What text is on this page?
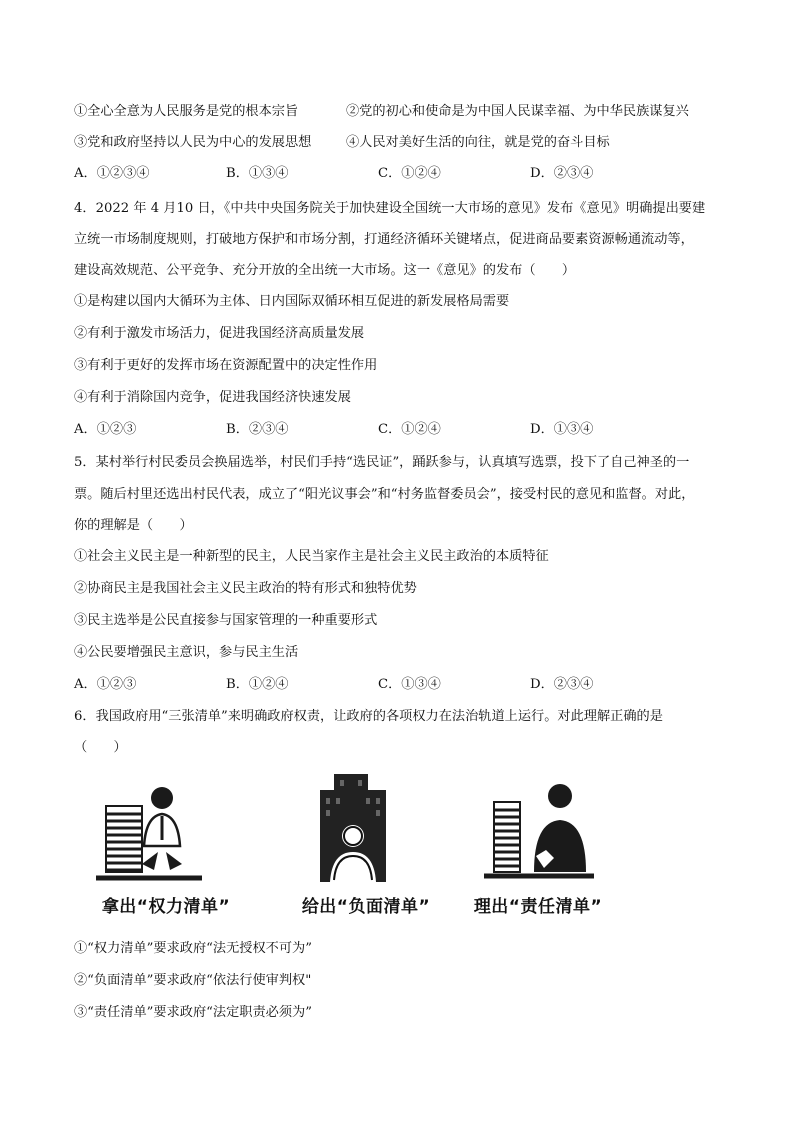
①全心全意为人民服务是党的根本宗旨	②党的初心和使命是为中国人民谋幸福、为中华民族谋复兴
③党和政府坚持以人民为中心的发展思想	④人民对美好生活的向往，就是党的奋斗目标
A．①②③④	B．①③④	C．①②④	D．②③④
4．2022 年 4 月10 日，《中共中央国务院关于加快建设全国统一大市场的意见》发布《意见》明确提出要建
立统一市场制度规则，打破地方保护和市场分割，打通经济循环关键堵点，促进商品要素资源畅通流动等，
建设高效规范、公平竞争、充分开放的全出统一大市场。这一《意见》的发布（　　）
①是构建以国内大循环为主体、日内国际双循环相互促进的新发展格局需要
②有利于激发市场活力，促进我国经济高质量发展
③有利于更好的发挥市场在资源配置中的决定性作用
④有利于消除国内竞争，促进我国经济快速发展
A．①②③	B．②③④	C．①②④	D．①③④
5．某村举行村民委员会换届选举，村民们手持“选民证”，踊跃参与，认真填写选票，投下了自己神圣的一
票。随后村里还选出村民代表，成立了“阳光议事会”和“村务监督委员会”，接受村民的意见和监督。对此，
你的理解是（　　）
①社会主义民主是一种新型的民主，人民当家作主是社会主义民主政治的本质特征
②协商民主是我国社会主义民主政治的特有形式和独特优势
③民主选举是公民直接参与国家管理的一种重要形式
④公民要增强民主意识，参与民主生活
A．①②③	B．①②④	C．①③④	D．②③④
6．我国政府用“三张清单”来明确政府权责，让政府的各项权力在法治轨道上运行。对此理解正确的是
（　　）
拿出“权力清单”	给出“负面清单”	理出“责任清单”
①“权力清单”要求政府“法无授权不可为”
②“负面清单”要求政府“依法行使审判权"
③“责任清单”要求政府“法定职责必须为”
